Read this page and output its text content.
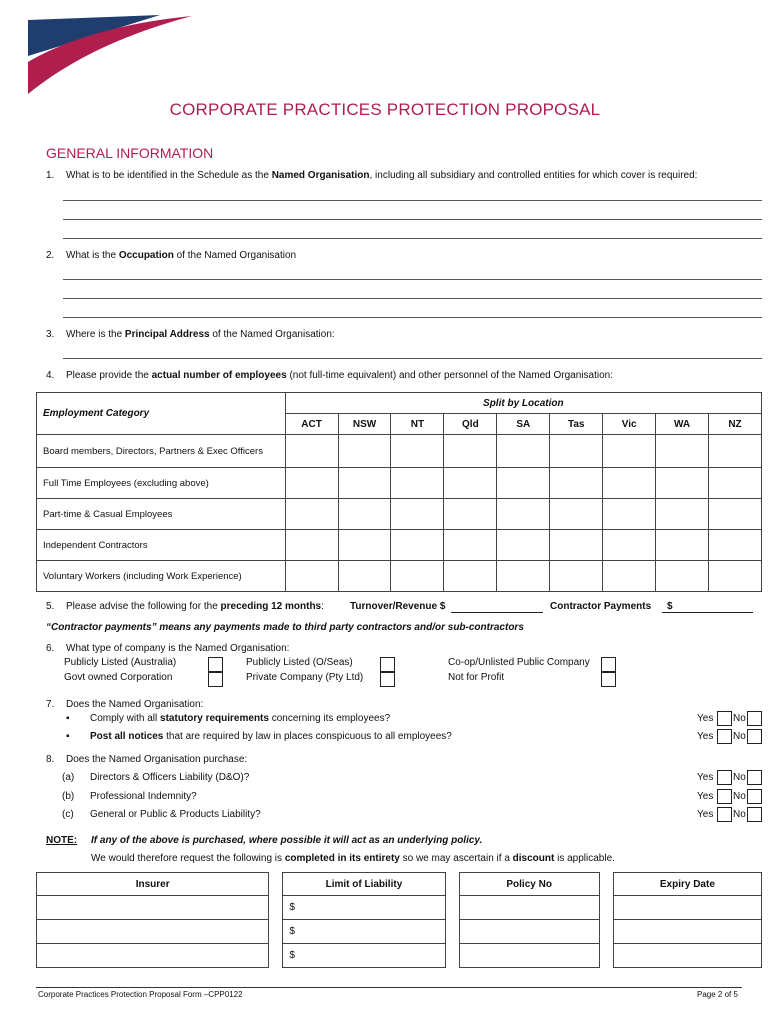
CORPORATE PRACTICES PROTECTION PROPOSAL
GENERAL INFORMATION
1. What is to be identified in the Schedule as the Named Organisation, including all subsidiary and controlled entities for which cover is required:
2. What is the Occupation of the Named Organisation
3. Where is the Principal Address of the Named Organisation:
4. Please provide the actual number of employees (not full-time equivalent) and other personnel of the Named Organisation:
Employment Category	Split by Location								
	ACT	NSW	NT	Qld	SA	Tas	Vic	WA	NZ
Board members, Directors, Partners & Exec Officers									
Full Time Employees (excluding above)									
Part-time & Casual Employees									
Independent Contractors									
Voluntary Workers (including Work Experience)									
5. Please advise the following for the preceding 12 months:	Turnover/Revenue $	Contractor Payments $
“Contractor payments” means any payments made to third party contractors and/or sub-contractors
6. What type of company is the Named Organisation:
Publicly Listed (Australia)	Publicly Listed (O/Seas)	Co-op/Unlisted Public Company
Govt owned Corporation	Private Company (Pty Ltd)	Not for Profit
7. Does the Named Organisation:
▪ Comply with all statutory requirements concerning its employees?
▪ Post all notices that are required by law in places conspicuous to all employees?
Yes No
Yes No
8. Does the Named Organisation purchase:
(a) Directors & Officers Liability (D&O)?
(b) Professional Indemnity?
(c) General or Public & Products Liability?
Yes No
Yes No
Yes No
NOTE: If any of the above is purchased, where possible it will act as an underlying policy.
We would therefore request the following is completed in its entirety so we may ascertain if a discount is applicable.
Insurer		Limit of Liability		Policy No		Expiry Date
		$				
		$				
		$				
Corporate Practices Protection Proposal Form –CPP0122	Page 2 of 5
